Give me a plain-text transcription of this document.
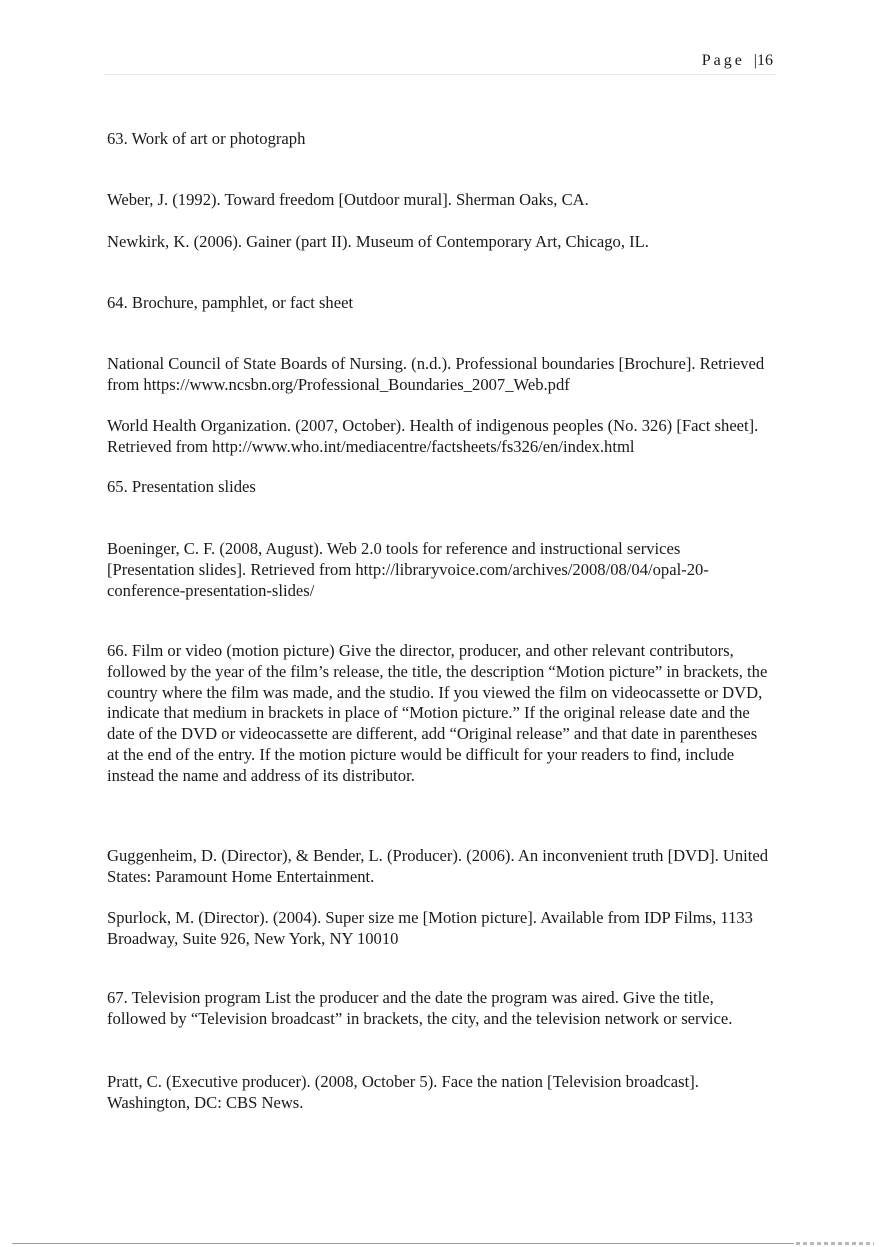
Page |16
63. Work of art or photograph
Weber, J. (1992). Toward freedom [Outdoor mural]. Sherman Oaks, CA.
Newkirk, K. (2006). Gainer (part II). Museum of Contemporary Art, Chicago, IL.
64. Brochure, pamphlet, or fact sheet
National Council of State Boards of Nursing. (n.d.). Professional boundaries [Brochure]. Retrieved from https://www.ncsbn.org/Professional_Boundaries_2007_Web.pdf
World Health Organization. (2007, October). Health of indigenous peoples (No. 326) [Fact sheet]. Retrieved from http://www.who.int/mediacentre/factsheets/fs326/en/index.html
65. Presentation slides
Boeninger, C. F. (2008, August). Web 2.0 tools for reference and instructional services [Presentation slides]. Retrieved from http://libraryvoice.com/archives/2008/08/04/opal-20-conference-presentation-slides/
66. Film or video (motion picture) Give the director, producer, and other relevant contributors, followed by the year of the film’s release, the title, the description “Motion picture” in brackets, the country where the film was made, and the studio. If you viewed the film on videocassette or DVD, indicate that medium in brackets in place of “Motion picture.” If the original release date and the date of the DVD or videocassette are different, add “Original release” and that date in parentheses at the end of the entry. If the motion picture would be difficult for your readers to find, include instead the name and address of its distributor.
Guggenheim, D. (Director), & Bender, L. (Producer). (2006). An inconvenient truth [DVD]. United States: Paramount Home Entertainment.
Spurlock, M. (Director). (2004). Super size me [Motion picture]. Available from IDP Films, 1133 Broadway, Suite 926, New York, NY 10010
67. Television program List the producer and the date the program was aired. Give the title, followed by “Television broadcast” in brackets, the city, and the television network or service.
Pratt, C. (Executive producer). (2008, October 5). Face the nation [Television broadcast]. Washington, DC: CBS News.
